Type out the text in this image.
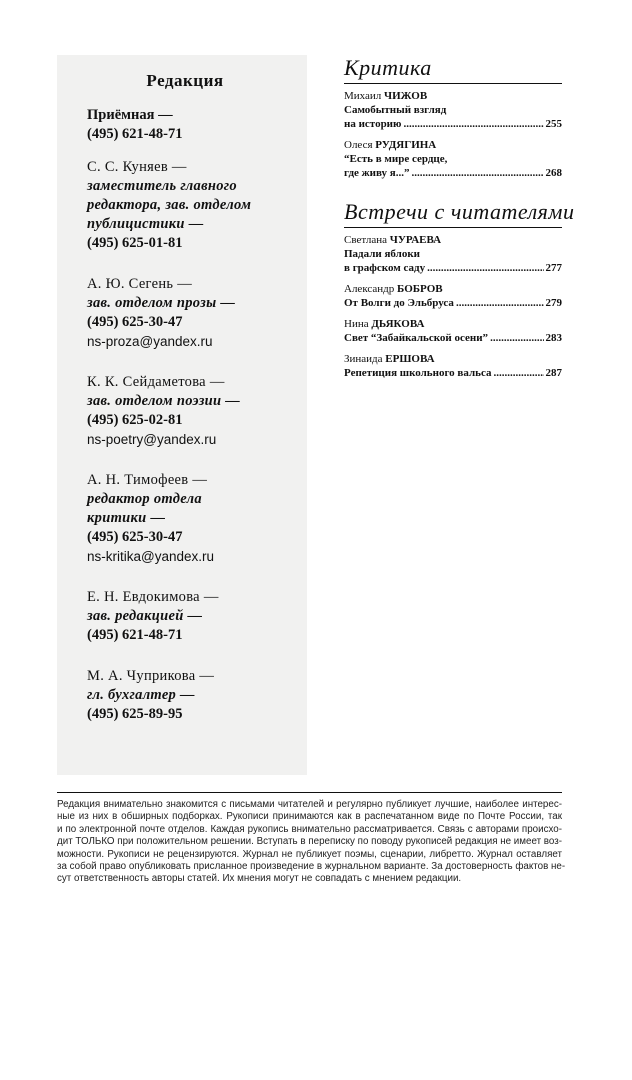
Редакция
Приёмная —
(495) 621-48-71
С. С. Куняев —
заместитель главного
редактора, зав. отделом
публицистики —
(495) 625-01-81
А. Ю. Сегень —
зав. отделом прозы —
(495) 625-30-47
ns-proza@yandex.ru
К. К. Сейдаметова —
зав. отделом поэзии —
(495) 625-02-81
ns-poetry@yandex.ru
А. Н. Тимофеев —
редактор отдела
критики —
(495) 625-30-47
ns-kritika@yandex.ru
Е. Н. Евдокимова —
зав. редакцией —
(495) 621-48-71
М. А. Чуприкова —
гл. бухгалтер —
(495) 625-89-95
Критика
Михаил ЧИЖОВ
Самобытный взгляд
на историю .....	255
Олеся РУДЯГИНА
“Есть в мире сердце,
где живу я...” .....	268
Встречи с читателями
Светлана ЧУРАЕВА
Падали яблоки
в графском саду .....	277
Александр БОБРОВ
От Волги до Эльбруса .....	279
Нина ДЬЯКОВА
Свет “Забайкальской осени” .....	283
Зинаида ЕРШОВА
Репетиция школьного вальса .....	287
Редакция внимательно знакомится с письмами читателей и регулярно публикует лучшие, наиболее интерес-
ные из них в обширных подборках. Рукописи принимаются как в распечатанном виде по Почте России, так
и по электронной почте отделов. Каждая рукопись внимательно рассматривается. Связь с авторами происхо-
дит ТОЛЬКО при положительном решении. Вступать в переписку по поводу рукописей редакция не имеет воз-
можности. Рукописи не рецензируются. Журнал не публикует поэмы, сценарии, либретто. Журнал оставляет
за собой право опубликовать присланное произведение в журнальном варианте. За достоверность фактов не-
сут ответственность авторы статей. Их мнения могут не совпадать с мнением редакции.
